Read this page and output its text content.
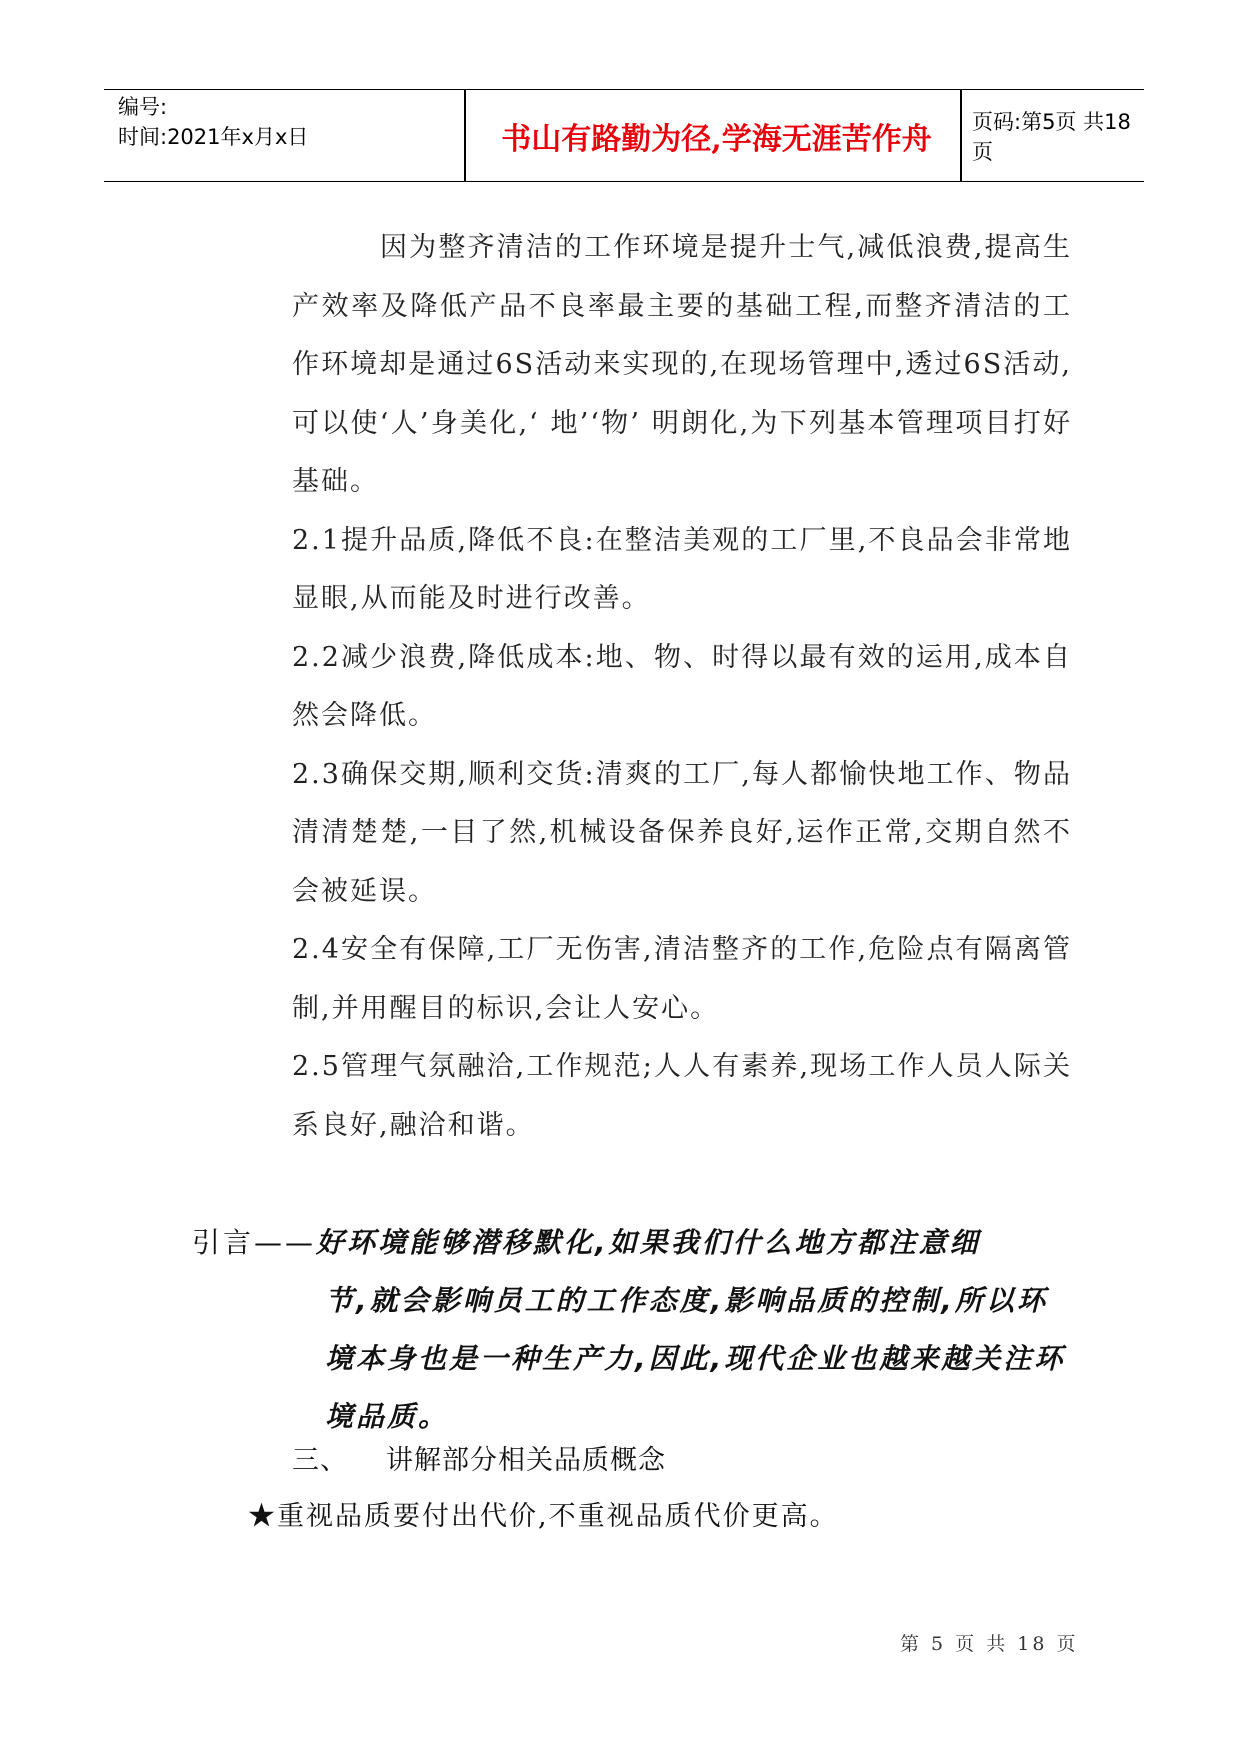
编号:
时间:2021年x月x日	书山有路勤为径,学海无涯苦作舟	页码:第5页 共18页

因为整齐清洁的工作环境是提升士气,减低浪费,提高生产效率及降低产品不良率最主要的基础工程,而整齐清洁的工作环境却是通过6S活动来实现的,在现场管理中,透过6S活动,可以使‘人’身美化,‘ 地’‘物’ 明朗化,为下列基本管理项目打好基础。

2.1提升品质,降低不良:在整洁美观的工厂里,不良品会非常地显眼,从而能及时进行改善。

2.2减少浪费,降低成本:地、物、时得以最有效的运用,成本自然会降低。

2.3确保交期,顺利交货:清爽的工厂,每人都愉快地工作、物品清清楚楚,一目了然,机械设备保养良好,运作正常,交期自然不会被延误。

2.4安全有保障,工厂无伤害,清洁整齐的工作,危险点有隔离管制,并用醒目的标识,会让人安心。

2.5管理气氛融洽,工作规范;人人有素养,现场工作人员人际关系良好,融洽和谐。

引言——好环境能够潜移默化,如果我们什么地方都注意细
节,就会影响员工的工作态度,影响品质的控制,所以环境本身也是一种生产力,因此,现代企业也越来越关注环境品质。
三、 讲解部分相关品质概念
★重视品质要付出代价,不重视品质代价更高。
第 5 页 共 18 页
